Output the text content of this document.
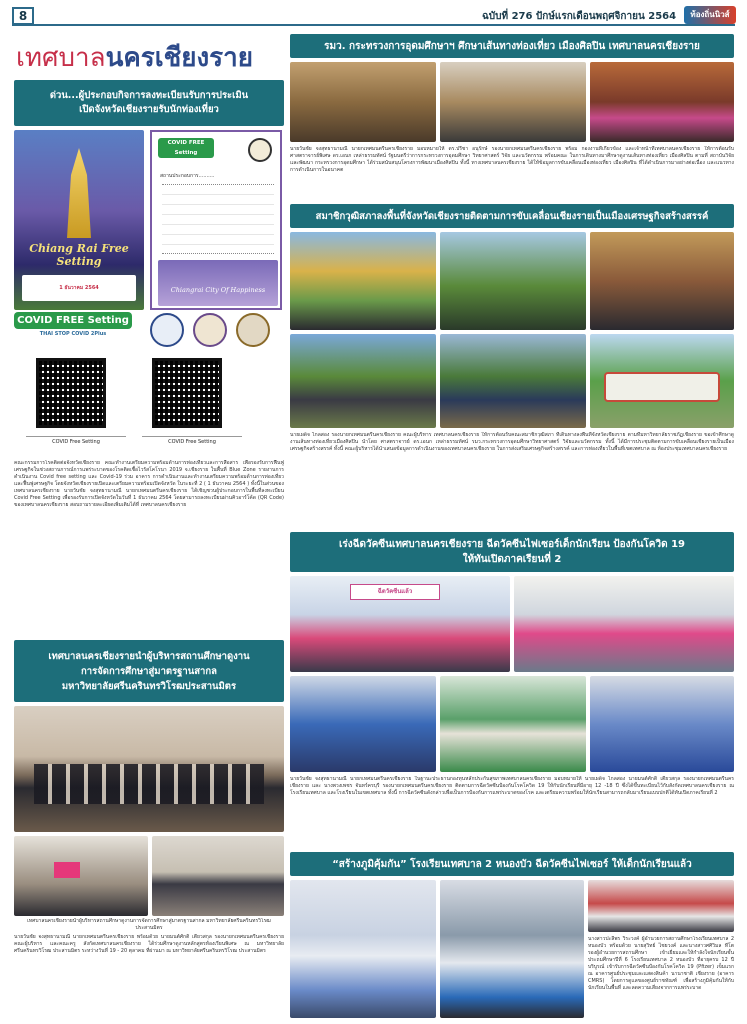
8	ฉบับที่ 276 ปักษ์แรกเดือนพฤศจิกายน 2564	ท้องถิ่นนิวส์
เทศบาลนครเชียงราย
ด่วน...ผู้ประกอบกิจการลงทะเบียนรับการประเมิน
เปิดจังหวัดเชียงรายรับนักท่องเที่ยว
Chiang Rai Free Setting
1 ธันวาคม 2564
COVID FREE Setting
สถานประกอบการ..........
Chiangrai City Of Happiness
COVID FREE Setting
THAI STOP COVID 2Plus
COVID Free Setting	COVID Free Setting
คณะกรรมการโรคติดต่อจังหวัดเชียงราย คณะทำงานเตรียมความพร้อมด้านการท่องเที่ยวและการสื่อสาร เพื่อรองรับการฟื้นฟูเศรษฐกิจในช่วงสถานการณ์การแพร่ระบาดของโรคติดเชื้อไวรัสโคโรนา 2019 จ.เชียงราย ในพื้นที่ Blue Zone รายงานการดำเนินงาน Covid free setting และ Covid-19 ร่วม อาคาร การดำเนินงานและทำงานเตรียมความพร้อมด้านการท่องเที่ยวและฟื้นฟูเศรษฐกิจ โดยจังหวัดเชียงรายเปิดและเตรียมความพร้อมเปิดจังหวัด ในระยะที่ 2 ( 1 ธันวาคม 2564 ) ทั้งนี้ในส่วนของเทศบาลนครเชียงราย นายวันชัย จงสุทธานามณี นายกเทศมนตรีนครเชียงราย ได้เชิญชวนผู้ประกอบการในพื้นที่ลงทะเบียน Covid Free Setting เพื่อรองรับการเปิดจังหวัดในวันที่ 1 ธันวาคม 2564 โดยสามารถลงทะเบียนผ่านคิวอาร์โค้ด (QR Code) ของเทศบาลนครเชียงราย สอบถามรายละเอียดเพิ่มเติมได้ที่ เทศบาลนครเชียงราย
เทศบาลนครเชียงรายนำผู้บริหารสถานศึกษาดูงาน
การจัดการศึกษาสู่มาตรฐานสากล
มหาวิทยาลัยศรีนครินทรวิโรฒประสานมิตร
เทศบาลนครเชียงรายนำผู้บริหารสถานศึกษาดูงานการจัดการศึกษาสู่มาตรฐานสากล มหาวิทยาลัยศรีนครินทรวิโรฒประสานมิตร
นายวันชัย จงสุทธานามณี นายกเทศมนตรีนครเชียงราย พร้อมด้วย นายมนต์ศักดิ์ เตียวสกุล รองนายกเทศมนตรีนครเชียงราย คณะผู้บริหาร และคณะครู สังกัดเทศบาลนครเชียงราย ได้ร่วมศึกษาดูงานหลักสูตรห้องเรียนพิเศษ ณ มหาวิทยาลัยศรีนครินทรวิโรฒ ประสานมิตร ระหว่างวันที่ 19 - 20 ตุลาคม ที่ผ่านมา ณ มหาวิทยาลัยศรีนครินทรวิโรฒ ประสานมิตร
รมว. กระทรวงการอุดมศึกษาฯ ศึกษาเส้นทางท่องเที่ยว เมืองศิลปิน เทศบาลนครเชียงราย
นายวันชัย จงสุทธานามณี นายกเทศมนตรีนครเชียงราย มอบหมายให้ ดร.ปรีชา อนุรักษ์ รองนายกเทศมนตรีนครเชียงราย พร้อม กองงานที่เกี่ยวข้อง และเจ้าหน้าที่เทศบาลนครเชียงราย ให้การต้อนรับ ศาสตราจารย์พิเศษ ดร.เอนก เหล่าธรรมทัศน์ รัฐมนตรีว่าการกระทรวงการอุดมศึกษา วิทยาศาสตร์ วิจัย และนวัตกรรม พร้อมคณะ ในการเดินทางมาศึกษาดูงานเส้นทางท่องเที่ยว เมืองศิลปิน ตามที่ สถาบันวิจัยและพัฒนา กระทรวงการอุดมศึกษา ได้ร่วมสนับสนุนโครงการพัฒนาเมืองศิลปิน ทั้งนี้ ทางเทศบาลนครเชียงราย ได้ให้ข้อมูลการขับเคลื่อนเมืองท่องเที่ยว เมืองศิลปิน ที่ได้ดำเนินการมาอย่างต่อเนื่อง และแนวทางการดำเนินการในอนาคต
สมาชิกวุฒิสภาลงพื้นที่จังหวัดเชียงรายติดตามการขับเคลื่อนเชียงรายเป็นเมืองเศรษฐกิจสร้างสรรค์
นายเผด็จ ไกลสอง รองนายกเทศมนตรีนครเชียงราย คณะผู้บริหาร เทศบาลนครเชียงราย ให้การต้อนรับคณะสมาชิกวุฒิสภา ที่เดินทางลงพื้นที่จังหวัดเชียงราย ตามที่มหาวิทยาลัยราชภัฏเชียงราย ขอเข้าศึกษาดูงานเส้นทางท่องเที่ยวเมืองศิลปิน นำโดย ศาสตราจารย์ ดร.เอนก เหล่าธรรมทัศน์ รมว.กระทรวงการอุดมศึกษาวิทยาศาสตร์ วิจัยและนวัตกรรม ทั้งนี้ ได้มีการประชุมติดตามการขับเคลื่อนเชียงรายเป็นเมืองเศรษฐกิจสร้างสรรค์ ทั้งนี้ คณะผู้บริหารได้นำเสนอข้อมูลการดำเนินงานของเทศบาลนครเชียงราย ในการส่งเสริมเศรษฐกิจสร้างสรรค์ และการท่องเที่ยวในพื้นที่เขตเทศบาล ณ ห้องประชุมเทศบาลนครเชียงราย
เร่งฉีดวัคซีนเทศบาลนครเชียงราย ฉีดวัคซีนไฟเซอร์เด็กนักเรียน ป้องกันโควิด 19
ให้ทันเปิดภาคเรียนที่ 2
ฉีดวัคซีนแล้ว
นายวันชัย จงสุทธานามณี นายกเทศมนตรีนครเชียงราย ในฐานะประธานกองทุนหลักประกันสุขภาพเทศบาลนครเชียงราย มอบหมายให้ นายเผด็จ ไกลสอง นายมนต์ศักดิ์ เตียวสกุล รองนายกเทศมนตรีนครเชียงราย และ นางพวงเพชร จันทร์ครบุรี รองนายกเทศมนตรีนครเชียงราย ติดตามการฉีดวัคซีนป้องกันโรคโควิด 19 ให้กับนักเรียนที่มีอายุ 12 -18 ปี ซึ่งได้ขึ้นทะเบียนไว้กับสังกัดเทศบาลนครเชียงราย ณ โรงเรียนเทศบาล และโรงเรียนในเขตเทศบาล ทั้งนี้ การฉีดวัคซีนดังกล่าวเพื่อเป็นการป้องกันการแพร่ระบาดของโรค และเตรียมความพร้อมให้นักเรียนสามารถกลับมาเรียนแบบปกติได้ทันเปิดภาคเรียนที่ 2
“สร้างภูมิคุ้มกัน” โรงเรียนเทศบาล 2 หนองบัว ฉีดวัคซีนไฟเซอร์ ให้เด็กนักเรียนแล้ว
นางสาวปะลีพร วิระวงค์ ผู้อำนวยการสถานศึกษาโรงเรียนเทศบาล 2 หนองบัว พร้อมด้วย นายสุวิทย์ ไชยวงค์ และนางสาวศศิวิมล ทีโต รองผู้อำนวยการสถานศึกษา เข้าเยี่ยมและให้กำลังใจนักเรียนชั้นประถมศึกษาปีที่ 6 โรงเรียนเทศบาล 2 หนองบัว ที่อายุครบ 12 ปี บริบูรณ์ เข้ารับการฉีดวัคซีนป้องกันโรคโควิด 19 (Pfizer) เข็มแรก ณ อาคารศูนย์ประชุมและแสดงสินค้า นานาชาติ เชียงราย (อาคาร CMRS) โดยการดูแลของศูนย์ราชทัณฑ์ เพื่อสร้างภูมิคุ้มกันให้กับนักเรียนในพื้นที่ และลดความเสี่ยงจากการแพร่ระบาด
